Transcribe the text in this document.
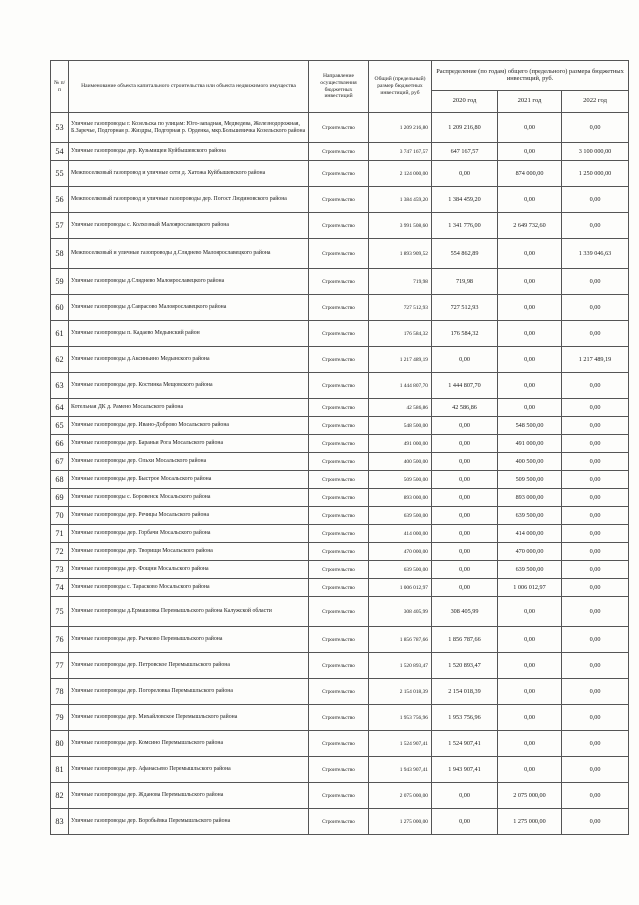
№ п/п	Наименование объекта капитального строительства или объекта недвижимого имущества	Направление осуществления бюджетных инвестиций	Общий (предельный) размер бюджетных инвестиций, руб	Распределение (по годам) общего (предельного) размера бюджетных инвестиций, руб.		
				2020 год	2021 год	2022 год
53	Уличные газопроводы г. Козельска по улицам: Юго-западная, Медведева, Железнодорожная, Б.Заречье, Подгорная р. Жиздры, Подгорная р. Орденка, мкр.Большевичка Козельского района	Строительство	1 209 216,80	1 209 216,80	0,00	0,00
54	Уличные газопроводы дер. Кузьмищеи Куйбышевского района	Строительство	3 747 167,57	647 167,57	0,00	3 100 000,00
55	Межпоселковый газопровод и уличные сети д. Хатожа Куйбышевского района	Строительство	2 124 000,00	0,00	874 000,00	1 250 000,00
56	Межпоселковый газопровод и уличные газопроводы дер. Погост Людиновского района	Строительство	1 384 459,20	1 384 459,20	0,00	0,00
57	Уличные газопроводы с. Колхозный Малоярославецкого района	Строительство	3 991 508,60	1 341 776,00	2 649 732,60	0,00
58	Межпоселковый и уличные газопроводы д.Сляднево Малоярославецкого района	Строительство	1 893 909,52	554 862,89	0,00	1 339 046,63
59	Уличные газопроводы д.Сляднево Малоярославецкого района	Строительство	719,98	719,98	0,00	0,00
60	Уличные газопроводы д.Саврасово Малоярославецкого района	Строительство	727 512,93	727 512,93	0,00	0,00
61	Уличные газопроводы п. Кадаево Медынский район	Строительство	176 584,32	176 584,32	0,00	0,00
62	Уличные газопроводы д.Аксиньино Медынского района	Строительство	1 217 489,19	0,00	0,00	1 217 489,19
63	Уличные газопроводы дер. Костинка Мещовского района	Строительство	1 444 807,70	1 444 807,70	0,00	0,00
64	Котельная ДК д. Рамено Мосальского района	Строительство	42 586,86	42 586,86	0,00	0,00
65	Уличные газопроводы дер. Ивано-Доброво Мосальского района	Строительство	548 500,00	0,00	548 500,00	0,00
66	Уличные газопроводы дер. Бараньи Рога Мосальского района	Строительство	491 000,00	0,00	491 000,00	0,00
67	Уличные газопроводы дер. Ольхи Мосальского района	Строительство	400 500,00	0,00	400 500,00	0,00
68	Уличные газопроводы дер. Быстрое Мосальского района	Строительство	509 500,00	0,00	509 500,00	0,00
69	Уличные газопроводы с. Боровенск Мосальского района	Строительство	893 000,00	0,00	893 000,00	0,00
70	Уличные газопроводы дер. Речицы Мосальского района	Строительство	639 500,00	0,00	639 500,00	0,00
71	Уличные газопроводы дер. Горбачи Мосальского района	Строительство	414 000,00	0,00	414 000,00	0,00
72	Уличные газопроводы дер. Творищи Мосальского района	Строительство	470 000,00	0,00	470 000,00	0,00
73	Уличные газопроводы дер. Фощни Мосальского района	Строительство	639 500,00	0,00	639 500,00	0,00
74	Уличные газопроводы с. Тарасково Мосальского района	Строительство	1 006 012,97	0,00	1 006 012,97	0,00
75	Уличные газопроводы д.Ермашовка Перемышльского района Калужской области	Строительство	308 405,99	308 405,99	0,00	0,00
76	Уличные газопроводы дер. Рычково Перемышльского района	Строительство	1 856 787,66	1 856 787,66	0,00	0,00
77	Уличные газопроводы дер. Петровское Перемышльского района	Строительство	1 520 893,47	1 520 893,47	0,00	0,00
78	Уличные газопроводы дер. Погореловка Перемышльского района	Строительство	2 154 018,39	2 154 018,39	0,00	0,00
79	Уличные газопроводы дер. Михайловское Перемышльского района	Строительство	1 953 756,96	1 953 756,96	0,00	0,00
80	Уличные газопроводы дер. Комсино Перемышльского района	Строительство	1 524 907,41	1 524 907,41	0,00	0,00
81	Уличные газопроводы дер. Афанасьево Перемышльского района	Строительство	1 943 907,41	1 943 907,41	0,00	0,00
82	Уличные газопроводы дер. Жданова Перемышльского района	Строительство	2 075 000,00	0,00	2 075 000,00	0,00
83	Уличные газопроводы дер. Воробьёвка Перемышльского района	Строительство	1 275 000,00	0,00	1 275 000,00	0,00
